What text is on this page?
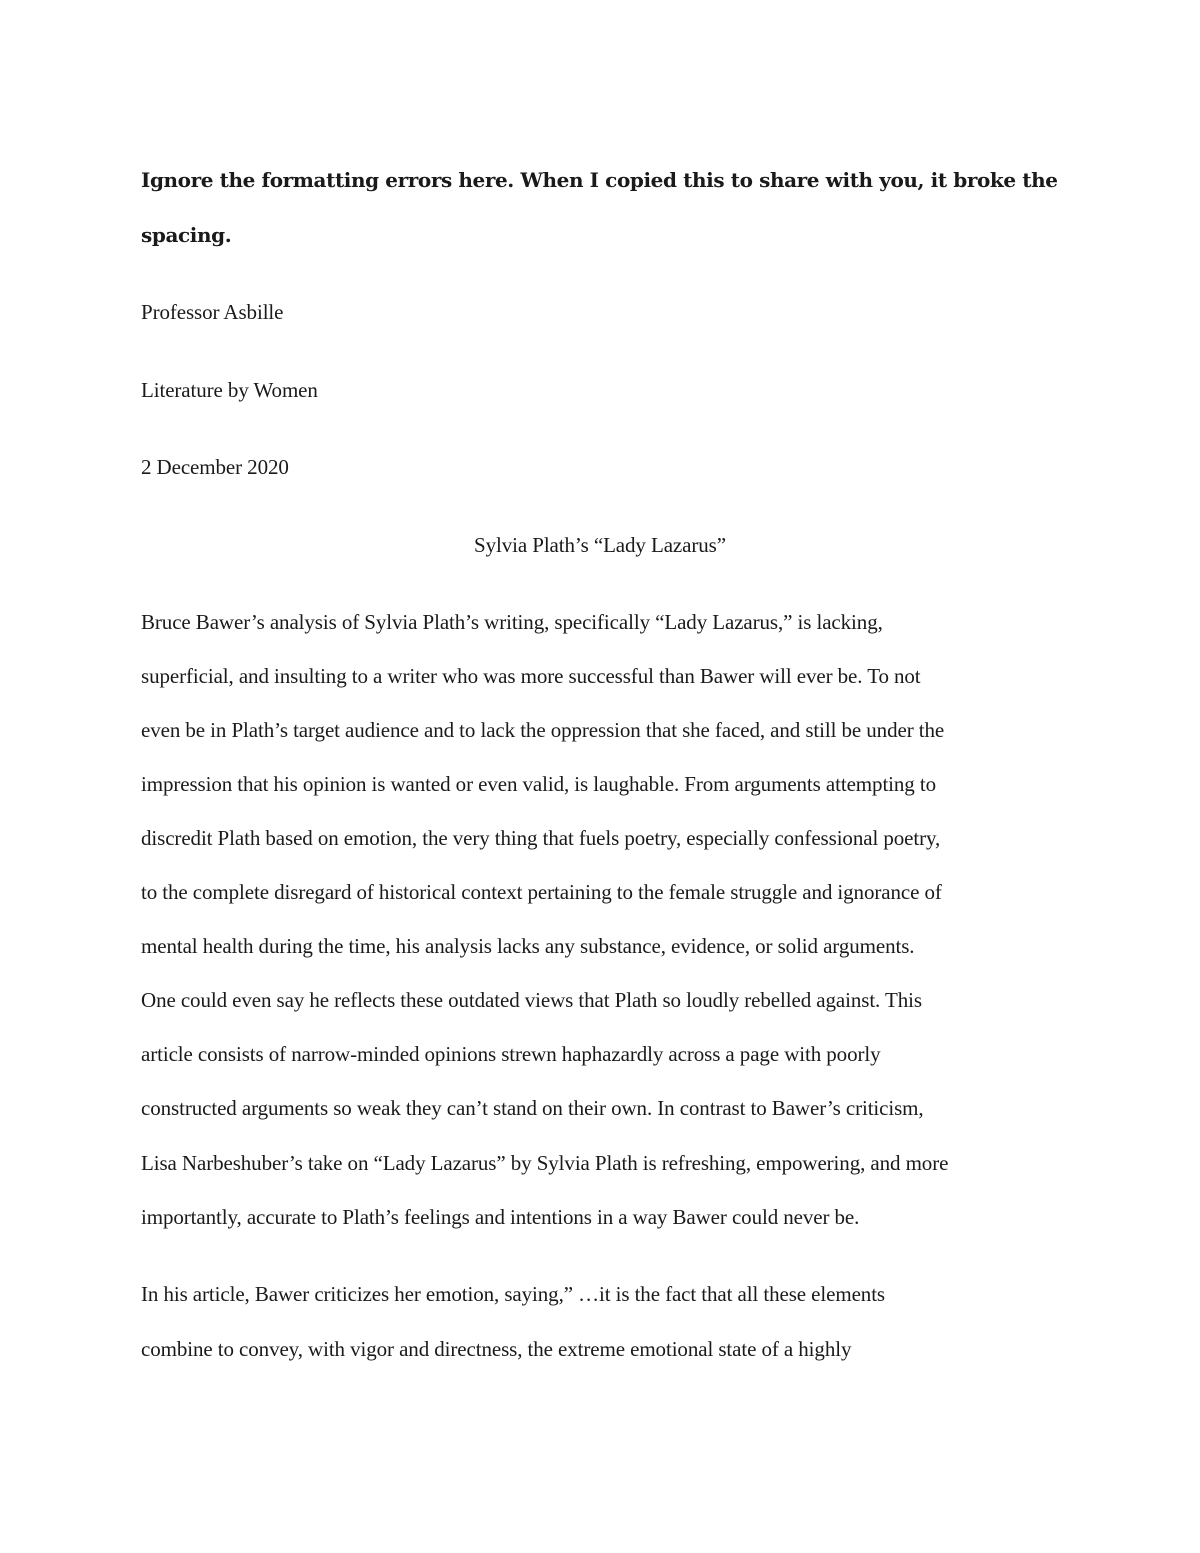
Ignore the formatting errors here. When I copied this to share with you, it broke the
spacing.
Professor Asbille
Literature by Women
2 December 2020
Sylvia Plath’s “Lady Lazarus”
Bruce Bawer’s analysis of Sylvia Plath’s writing, specifically “Lady Lazarus,” is lacking,
superficial, and insulting to a writer who was more successful than Bawer will ever be. To not
even be in Plath’s target audience and to lack the oppression that she faced, and still be under the
impression that his opinion is wanted or even valid, is laughable. From arguments attempting to
discredit Plath based on emotion, the very thing that fuels poetry, especially confessional poetry,
to the complete disregard of historical context pertaining to the female struggle and ignorance of
mental health during the time, his analysis lacks any substance, evidence, or solid arguments.
One could even say he reflects these outdated views that Plath so loudly rebelled against. This
article consists of narrow-minded opinions strewn haphazardly across a page with poorly
constructed arguments so weak they can’t stand on their own. In contrast to Bawer’s criticism,
Lisa Narbeshuber’s take on “Lady Lazarus” by Sylvia Plath is refreshing, empowering, and more
importantly, accurate to Plath’s feelings and intentions in a way Bawer could never be.
In his article, Bawer criticizes her emotion, saying,” …it is the fact that all these elements
combine to convey, with vigor and directness, the extreme emotional state of a highly
